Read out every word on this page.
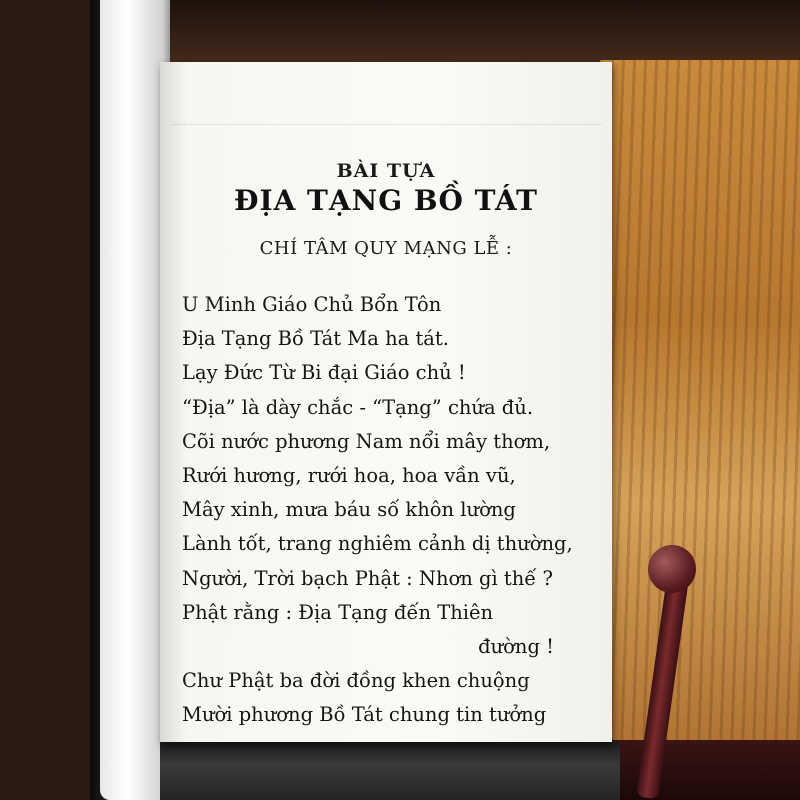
BÀI TỰA
ĐỊA TẠNG BỒ TÁT
CHÍ TÂM QUY MẠNG LỄ :
U Minh Giáo Chủ Bổn Tôn
Địa Tạng Bồ Tát Ma ha tát.
Lạy Đức Từ Bi đại Giáo chủ !
“Địa” là dày chắc - “Tạng” chứa đủ.
Cõi nước phương Nam nổi mây thơm,
Rưới hương, rưới hoa, hoa vần vũ,
Mây xinh, mưa báu số khôn lường
Lành tốt, trang nghiêm cảnh dị thường,
Người, Trời bạch Phật : Nhơn gì thế ?
Phật rằng : Địa Tạng đến Thiên
đường !
Chư Phật ba đời đồng khen chuộng
Mười phương Bồ Tát chung tin tưởng
